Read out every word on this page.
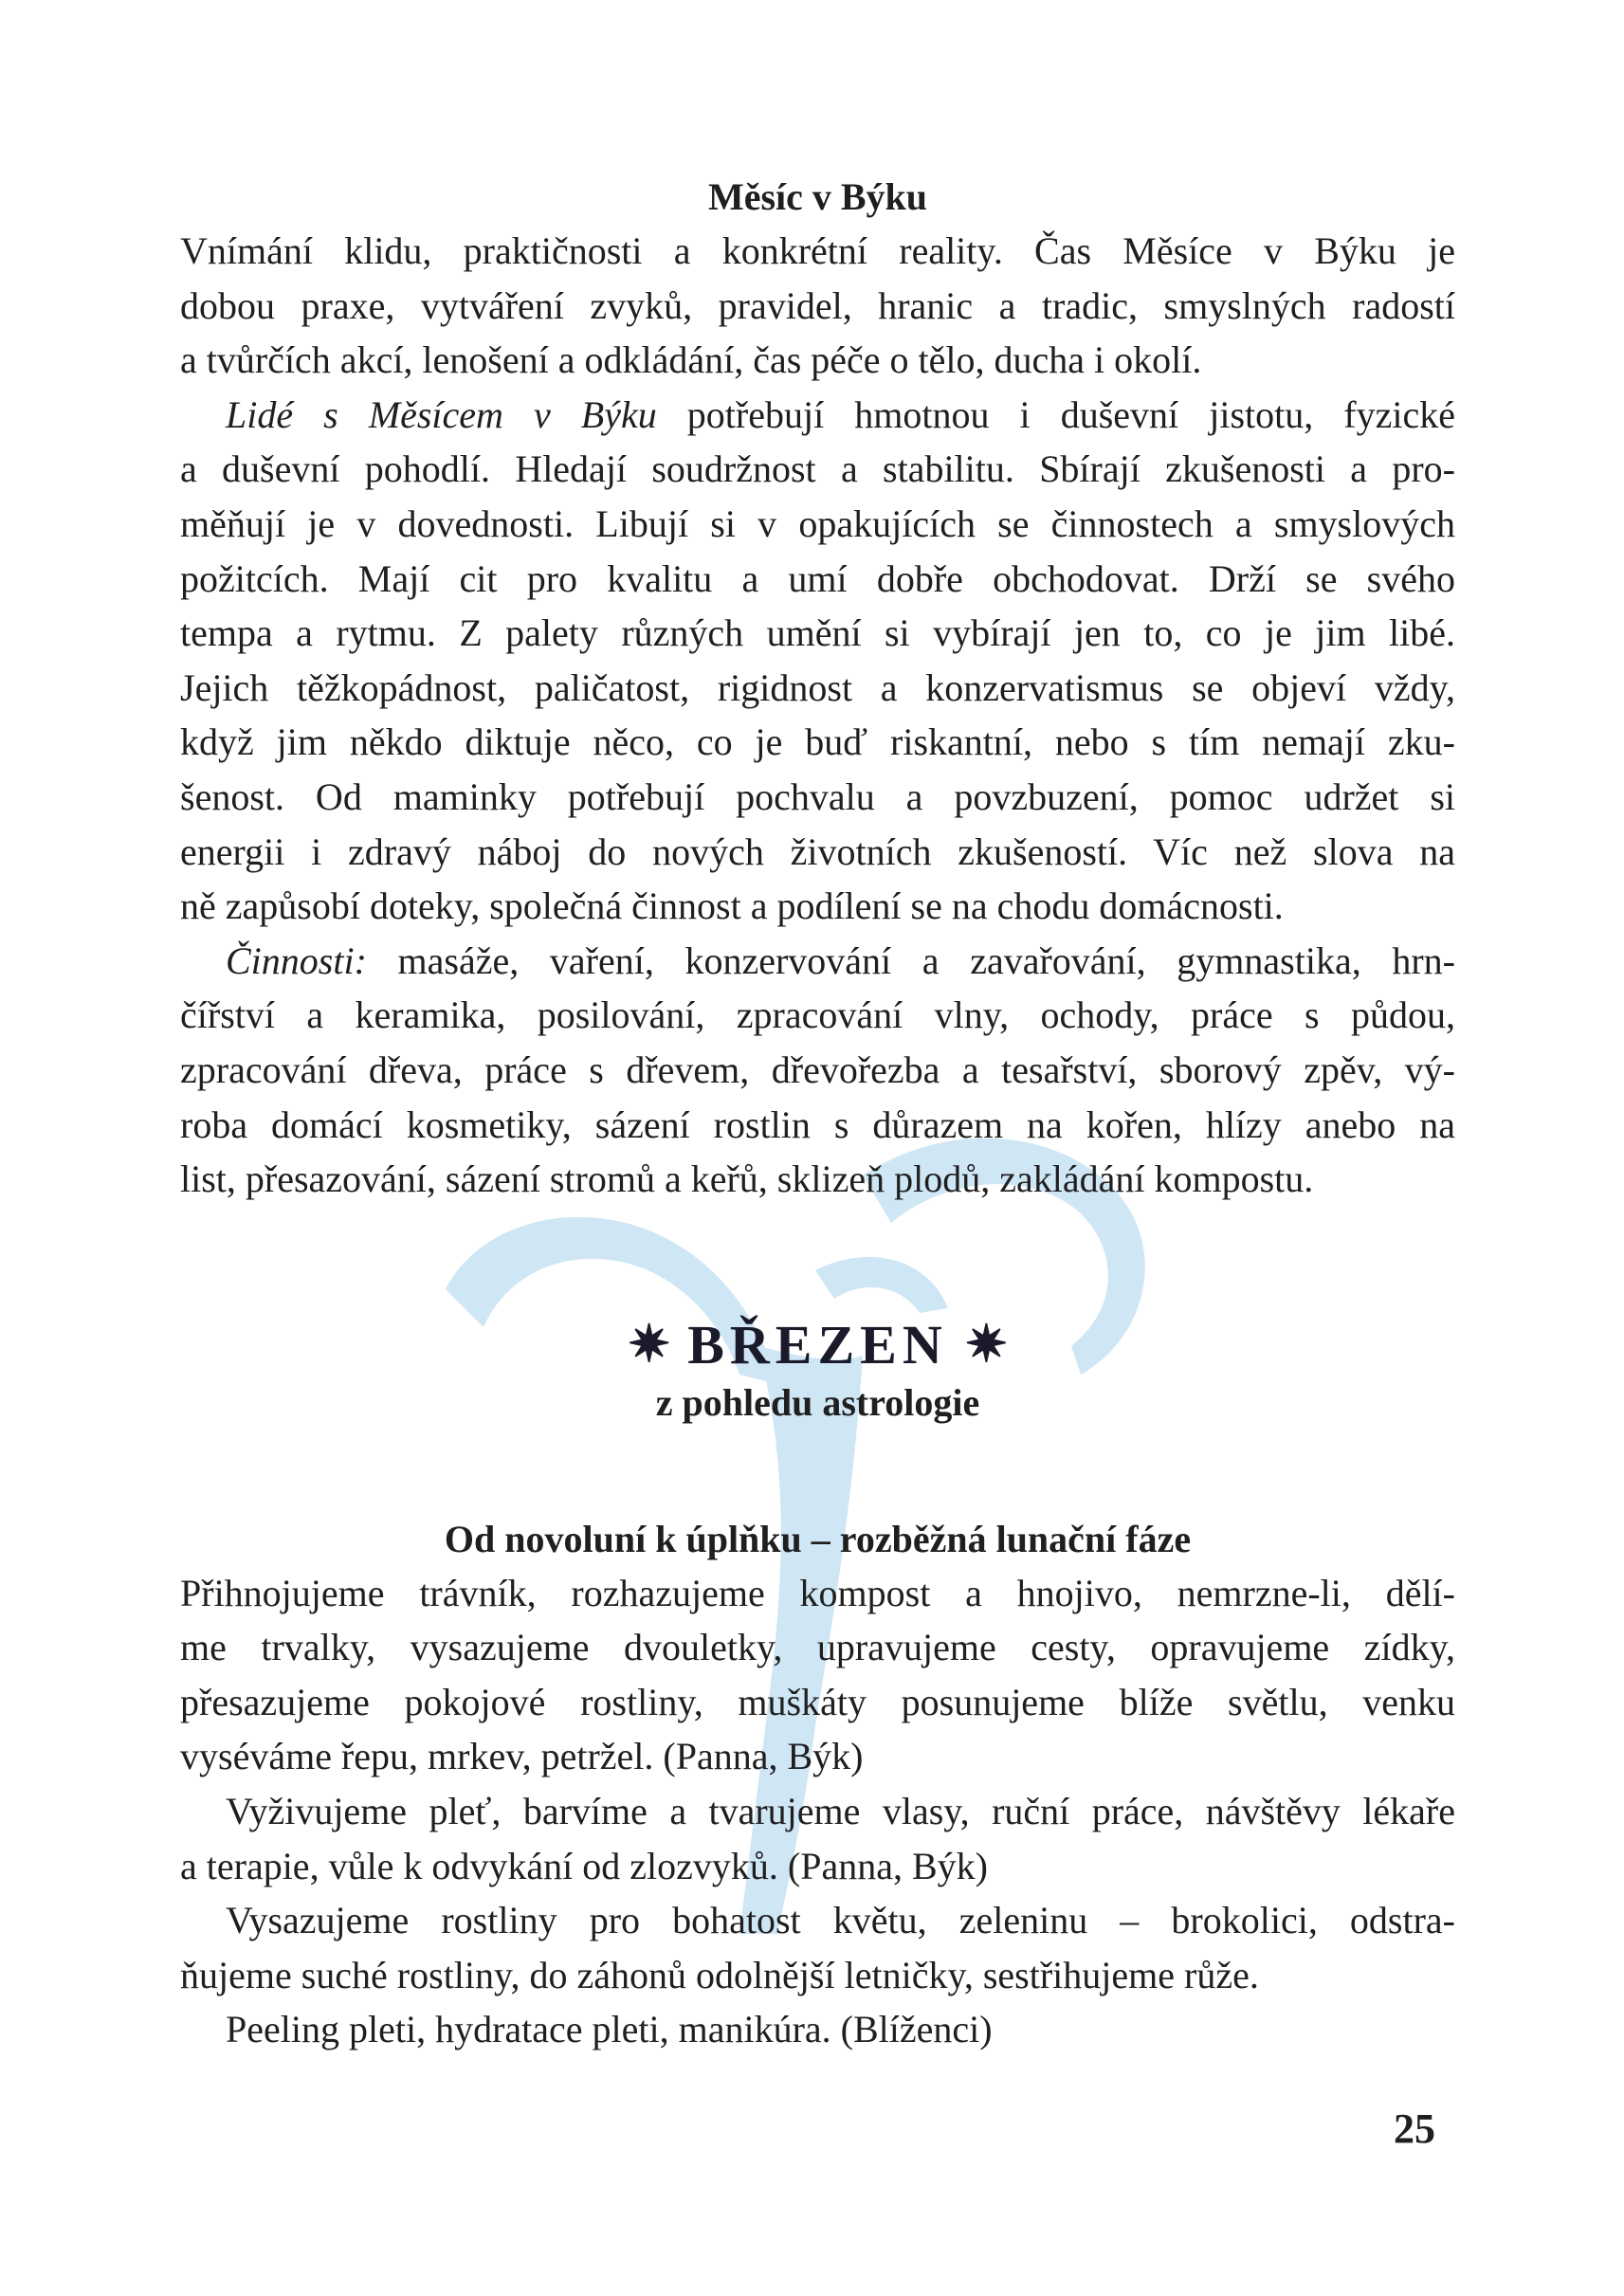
Měsíc v Býku

Vnímání klidu, praktičnosti a konkrétní reality. Čas Měsíce v Býku je
dobou praxe, vytváření zvyků, pravidel, hranic a tradic, smyslných radostí
a tvůrčích akcí, lenošení a odkládání, čas péče o tělo, ducha i okolí.

Lidé s Měsícem v Býku potřebují hmotnou i duševní jistotu, fyzické
a duševní pohodlí. Hledají soudržnost a stabilitu. Sbírají zkušenosti a pro-
měňují je v dovednosti. Libují si v opakujících se činnostech a smyslových
požitcích. Mají cit pro kvalitu a umí dobře obchodovat. Drží se svého
tempa a rytmu. Z palety různých umění si vybírají jen to, co je jim libé.
Jejich těžkopádnost, paličatost, rigidnost a konzervatismus se objeví vždy,
když jim někdo diktuje něco, co je buď riskantní, nebo s tím nemají zku-
šenost. Od maminky potřebují pochvalu a povzbuzení, pomoc udržet si
energii i zdravý náboj do nových životních zkušeností. Víc než slova na
ně zapůsobí doteky, společná činnost a podílení se na chodu domácnosti.

Činnosti: masáže, vaření, konzervování a zavařování, gymnastika, hrn-
čířství a keramika, posilování, zpracování vlny, ochody, práce s půdou,
zpracování dřeva, práce s dřevem, dřevořezba a tesařství, sborový zpěv, vý-
roba domácí kosmetiky, sázení rostlin s důrazem na kořen, hlízy anebo na
list, přesazování, sázení stromů a keřů, sklizeň plodů, zakládání kompostu.

✷ BŘEZEN ✷
z pohledu astrologie
Od novoluní k úplňku – rozběžná lunační fáze

Přihnojujeme trávník, rozhazujeme kompost a hnojivo, nemrzne-li, dělí-
me trvalky, vysazujeme dvouletky, upravujeme cesty, opravujeme zídky,
přesazujeme pokojové rostliny, muškáty posunujeme blíže světlu, venku
vyséváme řepu, mrkev, petržel. (Panna, Býk)

Vyživujeme pleť, barvíme a tvarujeme vlasy, ruční práce, návštěvy lékaře
a terapie, vůle k odvykání od zlozvyků. (Panna, Býk)

Vysazujeme rostliny pro bohatost květu, zeleninu – brokolici, odstra-
ňujeme suché rostliny, do záhonů odolnější letničky, sestřihujeme růže.

Peeling pleti, hydratace pleti, manikúra. (Blíženci)

25
